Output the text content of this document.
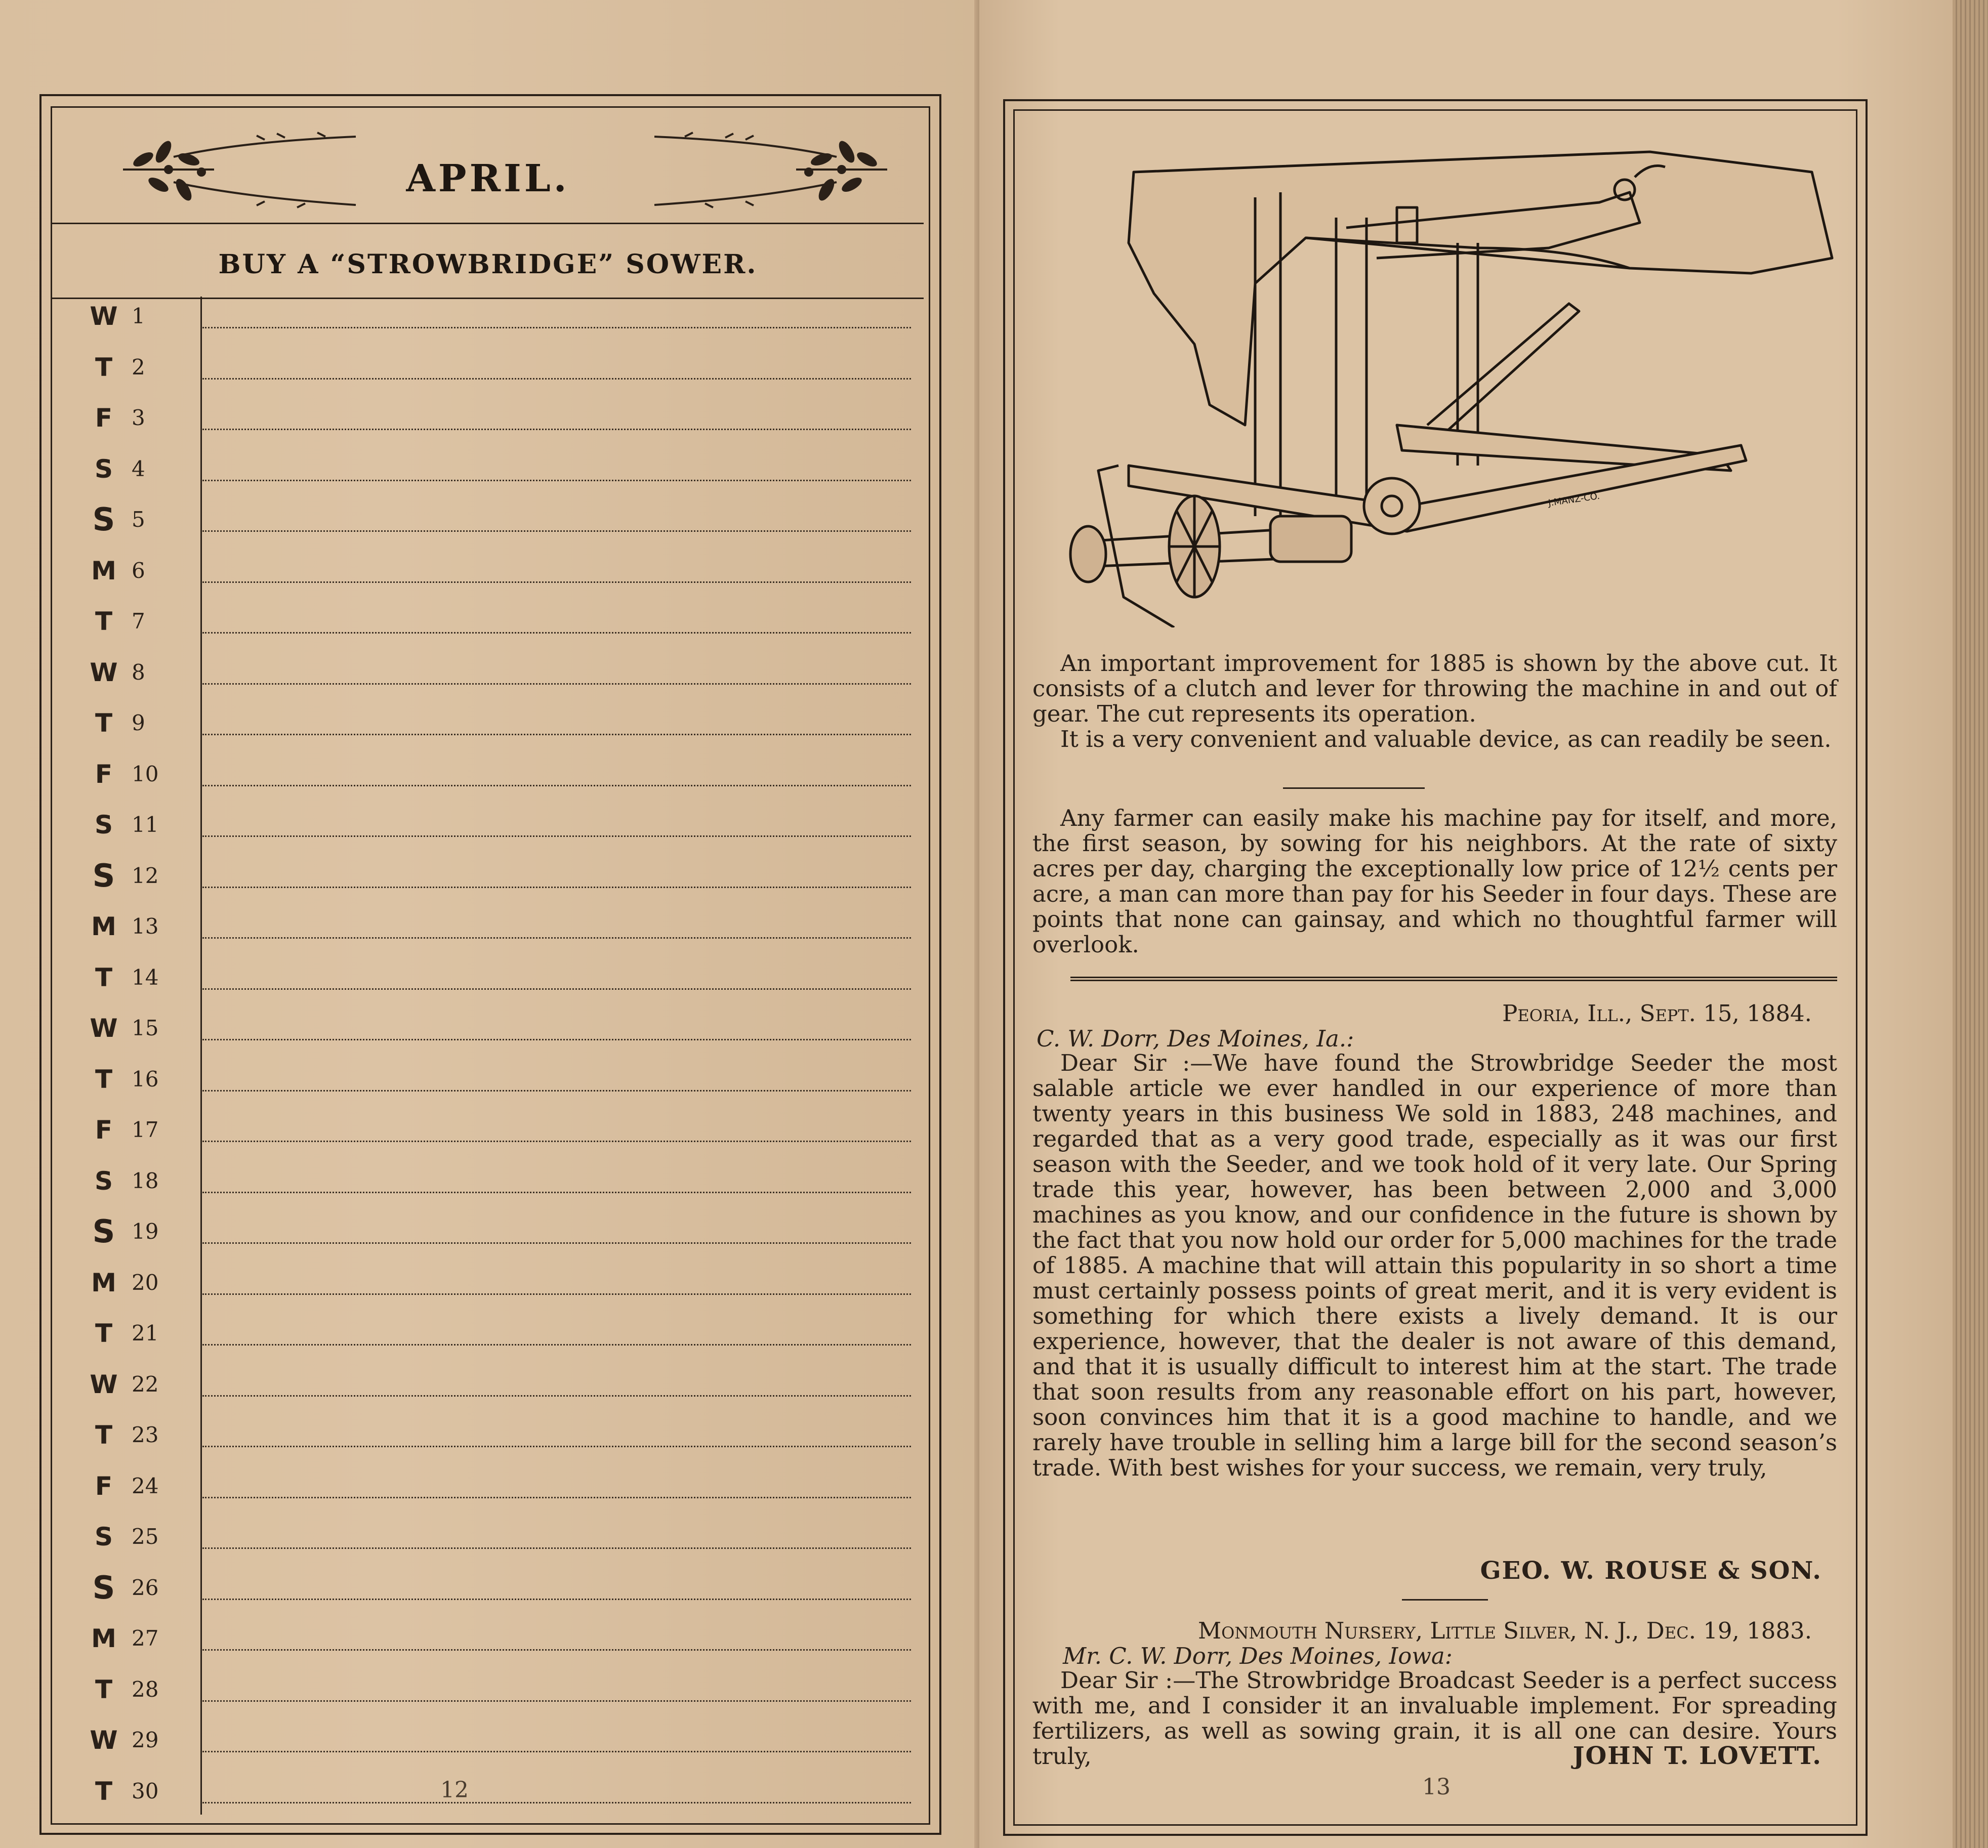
APRIL.
BUY A “STROWBRIDGE” SOWER.
W 1
T 2
F 3
S 4
S 5
M 6
T 7
W 8
T 9
F 10
S 11
S 12
M 13
T 14
W 15
T 16
F 17
S 18
S 19
M 20
T 21
W 22
T 23
F 24
S 25
S 26
M 27
T 28
W 29
T 30	12
J.MANZ-CO.

An important improvement for 1885 is shown by the above cut. It consists of a clutch and lever for throwing the machine in and out of gear. The cut represents its operation.

It is a very convenient and valuable device, as can readily be seen.

Any farmer can easily make his machine pay for itself, and more, the first season, by sowing for his neighbors. At the rate of sixty acres per day, charging the exceptionally low price of 12½ cents per acre, a man can more than pay for his Seeder in four days. These are points that none can gainsay, and which no thoughtful farmer will overlook.

Peoria, Ill., Sept. 15, 1884.
C. W. Dorr, Des Moines, Ia.:

Dear Sir :—We have found the Strowbridge Seeder the most salable article we ever handled in our experience of more than twenty years in this business We sold in 1883, 248 machines, and regarded that as a very good trade, especially as it was our first season with the Seeder, and we took hold of it very late. Our Spring trade this year, however, has been between 2,000 and 3,000 machines as you know, and our confidence in the future is shown by the fact that you now hold our order for 5,000 machines for the trade of 1885. A machine that will attain this popularity in so short a time must certainly possess points of great merit, and it is very evident is something for which there exists a lively demand. It is our experience, however, that the dealer is not aware of this demand, and that it is usually difficult to interest him at the start. The trade that soon results from any reasonable effort on his part, however, soon convinces him that it is a good machine to handle, and we rarely have trouble in selling him a large bill for the second season’s trade. With best wishes for your success, we remain, very truly,

GEO. W. ROUSE & SON.
Monmouth Nursery, Little Silver, N. J., Dec. 19, 1883.
Mr. C. W. Dorr, Des Moines, Iowa:

Dear Sir :—The Strowbridge Broadcast Seeder is a perfect success with me, and I consider it an invaluable implement. For spreading fertilizers, as well as sowing grain, it is all one can desire. Yours truly,	JOHN T. LOVETT.
13
